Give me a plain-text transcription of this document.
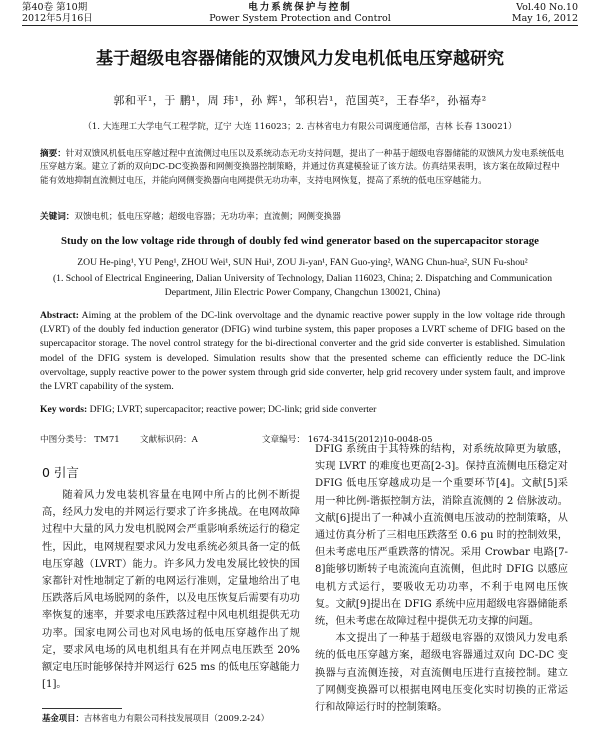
第40卷 第10期
2012年5月16日
电力系统保护与控制
Power System Protection and Control
Vol.40 No.10
May 16, 2012
基于超级电容器储能的双馈风力发电机低电压穿越研究
郭和平¹，于 鹏¹，周 玮¹，孙 辉¹，邹积岩¹，范国英²，王春华²，孙福寿²
（1. 大连理工大学电气工程学院，辽宁 大连 116023；2. 吉林省电力有限公司调度通信部，吉林 长春 130021）
摘要：针对双馈风机低电压穿越过程中直流侧过电压以及系统动态无功支持问题，提出了一种基于超级电容器储能的双馈风力发电系统低电压穿越方案。建立了新的双向DC-DC变换器和网侧变换器控制策略，并通过仿真建模验证了该方法。仿真结果表明，该方案在故障过程中能有效地抑制直流侧过电压，并能向网侧变换器向电网提供无功功率，支持电网恢复，提高了系统的低电压穿越能力。
关键词：双馈电机；低电压穿越；超级电容器；无功功率；直流侧；网侧变换器
Study on the low voltage ride through of doubly fed wind generator based on the supercapacitor storage
ZOU He-ping¹, YU Peng¹, ZHOU Wei¹, SUN Hui¹, ZOU Ji-yan¹, FAN Guo-ying², WANG Chun-hua², SUN Fu-shou²
(1. School of Electrical Engineering, Dalian University of Technology, Dalian 116023, China; 2. Dispatching and Communication Department, Jilin Electric Power Company, Changchun 130021, China)
Abstract: Aiming at the problem of the DC-link overvoltage and the dynamic reactive power supply in the low voltage ride through (LVRT) of the doubly fed induction generator (DFIG) wind turbine system, this paper proposes a LVRT scheme of DFIG based on the supercapacitor storage. The novel control strategy for the bi-directional converter and the grid side converter is established. Simulation model of the DFIG system is developed. Simulation results show that the presented scheme can efficiently reduce the DC-link overvoltage, supply reactive power to the power system through grid side converter, help grid recovery under system fault, and improve the LVRT capability of the system.
Key words: DFIG; LVRT; supercapacitor; reactive power; DC-link; grid side converter
中图分类号： TM71 文献标识码：A	文章编号： 1674-3415(2012)10-0048-05
0 引言

随着风力发电装机容量在电网中所占的比例不断提高，经风力发电的并网运行要求了许多挑战。在电网故障过程中大量的风力发电机脱网会严重影响系统运行的稳定性，因此，电网规程要求风力发电系统必须具备一定的低电压穿越（LVRT）能力。许多风力发电发展比较快的国家都针对性地制定了新的电网运行准则，定量地给出了电压跌落后风电场脱网的条件，以及电压恢复后需要有功功率恢复的速率，并要求电压跌落过程中风电机组提供无功功率。国家电网公司也对风电场的低电压穿越作出了规定，要求风电场的风电机组具有在并网点电压跌至 20%额定电压时能够保持并网运行 625 ms 的低电压穿越能力[1]。

DFIG 系统由于其特殊的结构，对系统故障更为敏感，实现 LVRT 的难度也更高[2-3]。保持直流侧电压稳定对 DFIG 低电压穿越成功是一个重要环节[4]。文献[5]采用一种比例-谐振控制方法，消除直流侧的 2 倍脉波动。文献[6]提出了一种减小直流侧电压波动的控制策略，从通过仿真分析了三相电压跌落至 0.6 pu 时的控制效果，但未考虑电压严重跌落的情况。采用 Crowbar 电路[7-8]能够切断转子电流流向直流侧，但此时 DFIG 以感应电机方式运行，要吸收无功功率，不利于电网电压恢复。文献[9]提出在 DFIG 系统中应用超级电容器储能系统，但未考虑在故障过程中提供无功支撑的问题。

本文提出了一种基于超级电容器的双馈风力发电系统的低电压穿越方案，超级电容器通过双向 DC-DC 变换器与直流侧连接，对直流侧电压进行直接控制。建立了网侧变换器可以根据电网电压变化实时切换的正常运行和故障运行时的控制策略。

基金项目：吉林省电力有限公司科技发展项目（2009.2-24）
